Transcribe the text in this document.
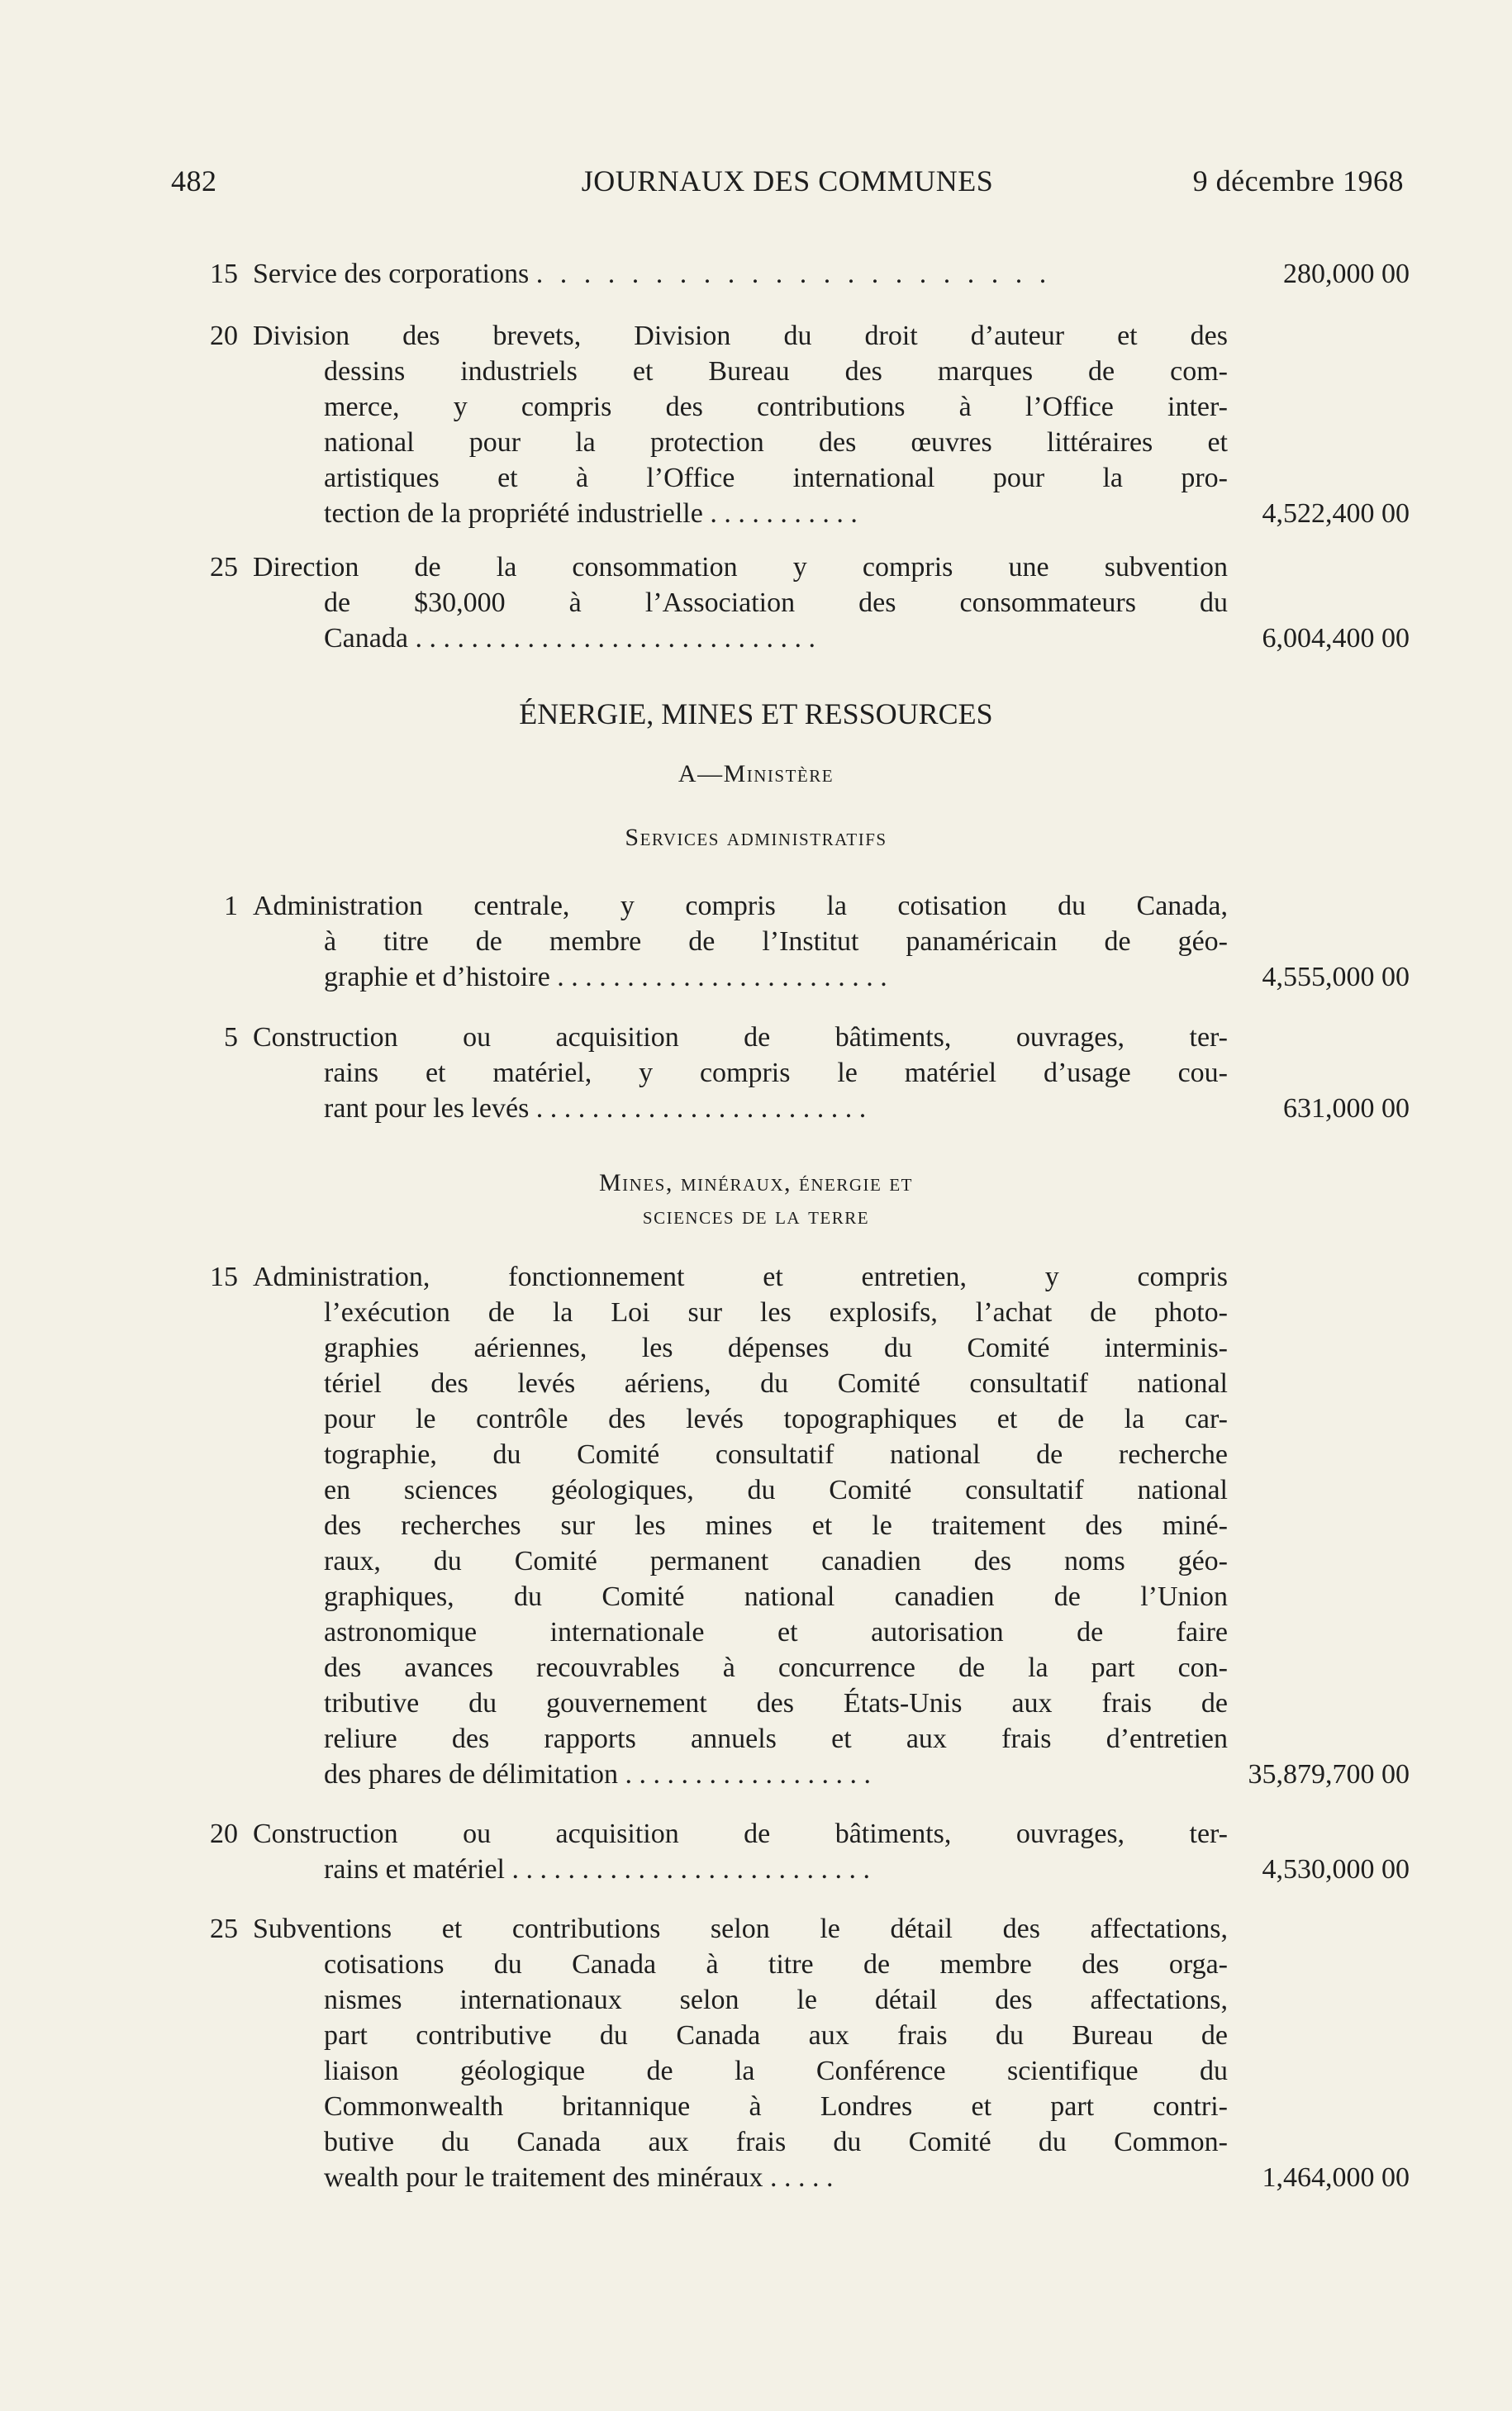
482	JOURNAUX DES COMMUNES	9 décembre 1968
15 Service des corporations . . . . . . . . . . . . . . . . . . . . . .	280,000 00
20 Division des brevets, Division du droit d’auteur et des
dessins industriels et Bureau des marques de com-
merce, y compris des contributions à l’Office inter-
national pour la protection des œuvres littéraires et
artistiques et à l’Office international pour la pro-
tection de la propriété industrielle . . . . . . . . . . .	4,522,400 00
25 Direction de la consommation y compris une subvention
de $30,000 à l’Association des consommateurs du
Canada . . . . . . . . . . . . . . . . . . . . . . . . . . . . .	6,004,400 00
ÉNERGIE, MINES ET RESSOURCES
A—Ministère
Services administratifs
1 Administration centrale, y compris la cotisation du Canada,
à titre de membre de l’Institut panaméricain de géo-
graphie et d’histoire . . . . . . . . . . . . . . . . . . . . . . . .	4,555,000 00
5 Construction ou acquisition de bâtiments, ouvrages, ter-
rains et matériel, y compris le matériel d’usage cou-
rant pour les levés . . . . . . . . . . . . . . . . . . . . . . . .	631,000 00
Mines, minéraux, énergie et
sciences de la terre
15 Administration, fonctionnement et entretien, y compris
l’exécution de la Loi sur les explosifs, l’achat de photo-
graphies aériennes, les dépenses du Comité interminis-
tériel des levés aériens, du Comité consultatif national
pour le contrôle des levés topographiques et de la car-
tographie, du Comité consultatif national de recherche
en sciences géologiques, du Comité consultatif national
des recherches sur les mines et le traitement des miné-
raux, du Comité permanent canadien des noms géo-
graphiques, du Comité national canadien de l’Union
astronomique internationale et autorisation de faire
des avances recouvrables à concurrence de la part con-
tributive du gouvernement des États-Unis aux frais de
reliure des rapports annuels et aux frais d’entretien
des phares de délimitation . . . . . . . . . . . . . . . . . .	35,879,700 00
20 Construction ou acquisition de bâtiments, ouvrages, ter-
rains et matériel . . . . . . . . . . . . . . . . . . . . . . . . . .	4,530,000 00
25 Subventions et contributions selon le détail des affectations,
cotisations du Canada à titre de membre des orga-
nismes internationaux selon le détail des affectations,
part contributive du Canada aux frais du Bureau de
liaison géologique de la Conférence scientifique du
Commonwealth britannique à Londres et part contri-
butive du Canada aux frais du Comité du Common-
wealth pour le traitement des minéraux . . . . .	1,464,000 00
